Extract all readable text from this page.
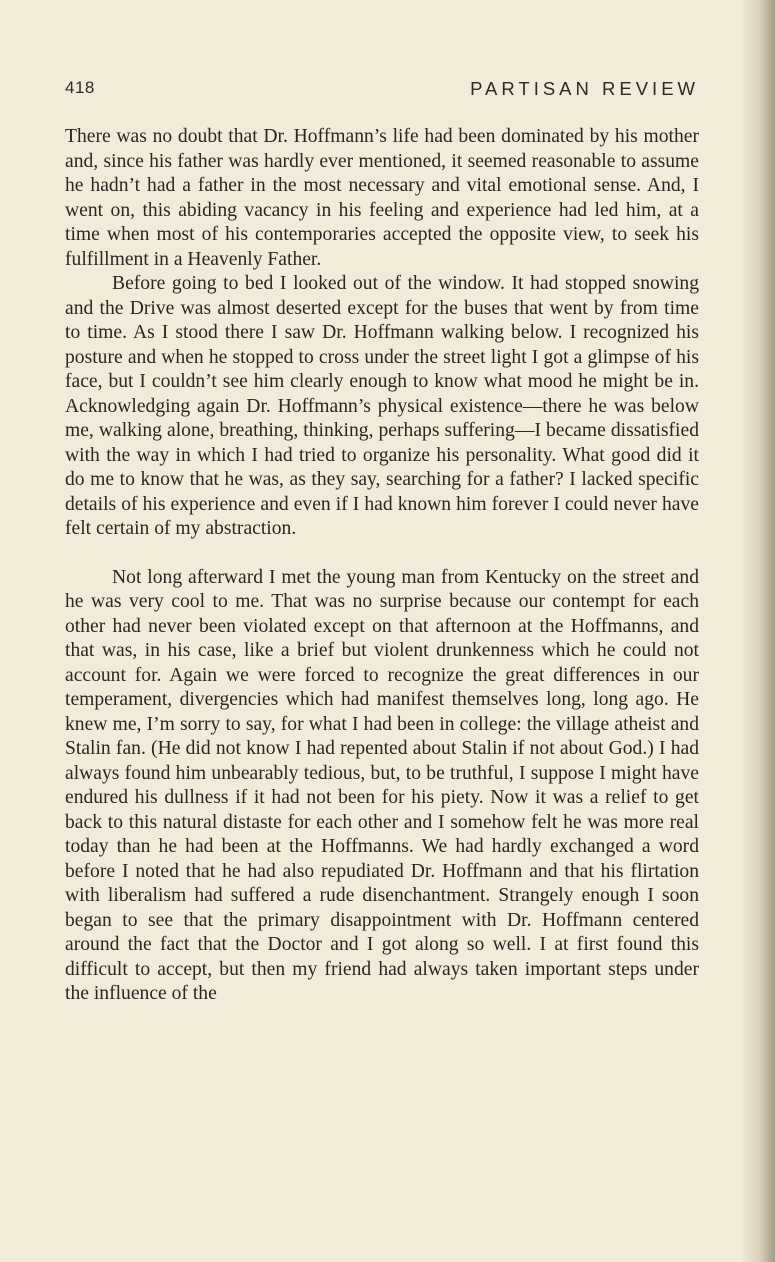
418	PARTISAN REVIEW

There was no doubt that Dr. Hoffmann’s life had been dominated by his mother and, since his father was hardly ever mentioned, it seemed reasonable to assume he hadn’t had a father in the most necessary and vital emotional sense. And, I went on, this abiding vacancy in his feeling and experience had led him, at a time when most of his contemporaries accepted the opposite view, to seek his fulfillment in a Heavenly Father.

Before going to bed I looked out of the window. It had stopped snowing and the Drive was almost deserted except for the buses that went by from time to time. As I stood there I saw Dr. Hoffmann walking below. I recognized his posture and when he stopped to cross under the street light I got a glimpse of his face, but I couldn’t see him clearly enough to know what mood he might be in. Acknowledging again Dr. Hoffmann’s physical existence—there he was below me, walking alone, breathing, thinking, perhaps suffering—I became dissatisfied with the way in which I had tried to organize his personality. What good did it do me to know that he was, as they say, searching for a father? I lacked specific details of his experience and even if I had known him forever I could never have felt certain of my abstraction.

Not long afterward I met the young man from Kentucky on the street and he was very cool to me. That was no surprise because our contempt for each other had never been violated except on that afternoon at the Hoffmanns, and that was, in his case, like a brief but violent drunkenness which he could not account for. Again we were forced to recognize the great differences in our temperament, divergencies which had manifest themselves long, long ago. He knew me, I’m sorry to say, for what I had been in college: the village atheist and Stalin fan. (He did not know I had repented about Stalin if not about God.) I had always found him unbearably tedious, but, to be truthful, I suppose I might have endured his dullness if it had not been for his piety. Now it was a relief to get back to this natural distaste for each other and I somehow felt he was more real today than he had been at the Hoffmanns. We had hardly exchanged a word before I noted that he had also repudiated Dr. Hoffmann and that his flirtation with liberalism had suffered a rude disenchantment. Strangely enough I soon began to see that the primary disappointment with Dr. Hoffmann centered around the fact that the Doctor and I got along so well. I at first found this difficult to accept, but then my friend had always taken important steps under the influence of the
